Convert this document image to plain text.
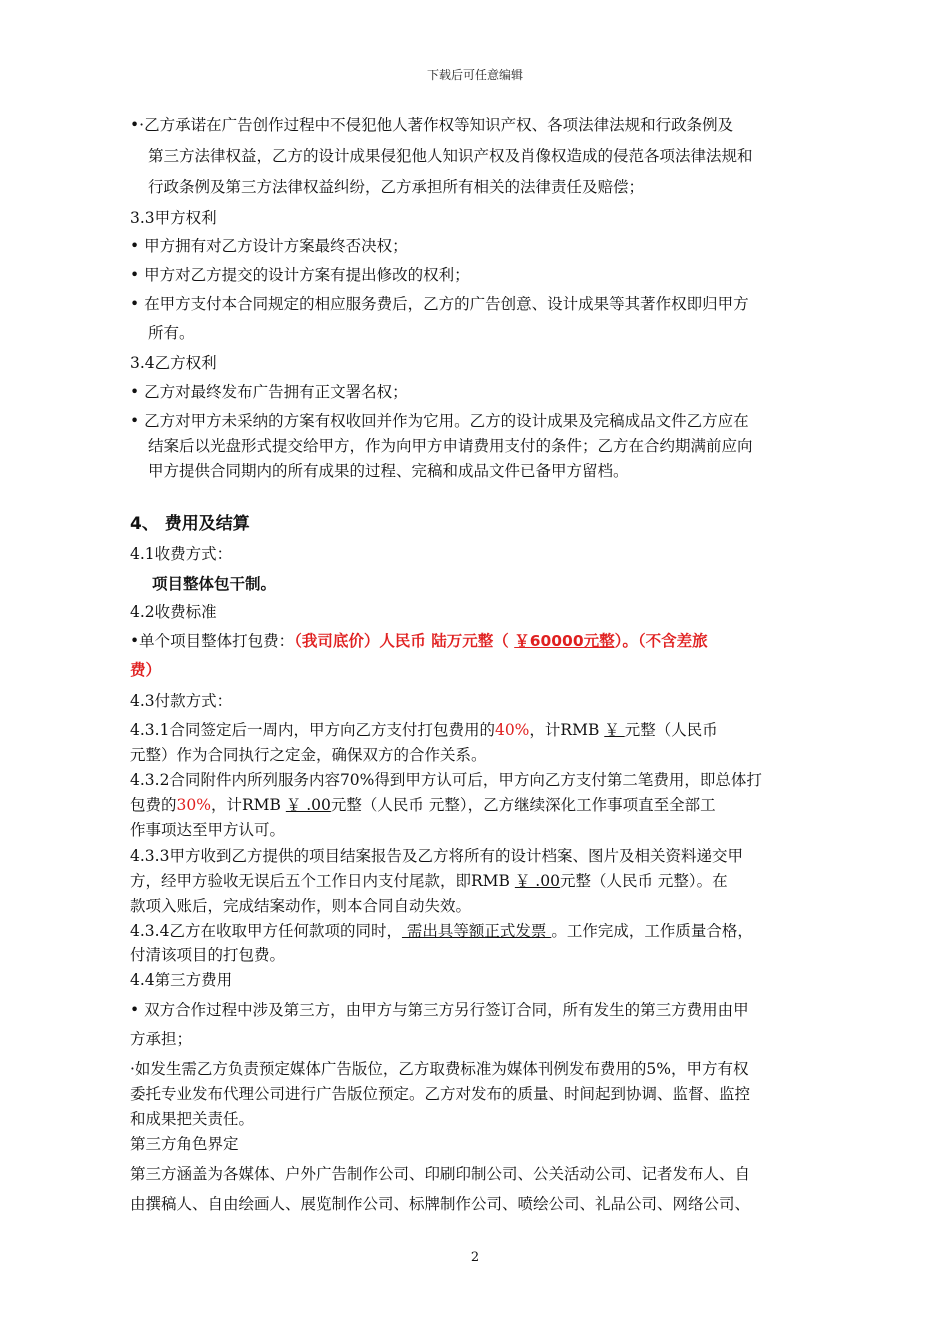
下载后可任意编辑
•·乙方承诺在广告创作过程中不侵犯他人著作权等知识产权、各项法律法规和行政条例及
第三方法律权益，乙方的设计成果侵犯他人知识产权及肖像权造成的侵范各项法律法规和
行政条例及第三方法律权益纠纷，乙方承担所有相关的法律责任及赔偿；
3.3甲方权利
• 甲方拥有对乙方设计方案最终否决权；
• 甲方对乙方提交的设计方案有提出修改的权利；
• 在甲方支付本合同规定的相应服务费后，乙方的广告创意、设计成果等其著作权即归甲方
所有。
3.4乙方权利
• 乙方对最终发布广告拥有正文署名权；
• 乙方对甲方未采纳的方案有权收回并作为它用。乙方的设计成果及完稿成品文件乙方应在
结案后以光盘形式提交给甲方，作为向甲方申请费用支付的条件；乙方在合约期满前应向
甲方提供合同期内的所有成果的过程、完稿和成品文件已备甲方留档。
4、 费用及结算
4.1收费方式：
项目整体包干制。
4.2收费标准
•单个项目整体打包费：（我司底价）人民币 陆万元整（ ￥60000元整）。（不含差旅
费）
4.3付款方式：
4.3.1合同签定后一周内，甲方向乙方支付打包费用的40%，计RMB ￥ 元整（人民币
元整）作为合同执行之定金，确保双方的合作关系。
4.3.2合同附件内所列服务内容70%得到甲方认可后，甲方向乙方支付第二笔费用，即总体打
包费的30%，计RMB ￥ .00元整（人民币 元整），乙方继续深化工作事项直至全部工
作事项达至甲方认可。
4.3.3甲方收到乙方提供的项目结案报告及乙方将所有的设计档案、图片及相关资料递交甲
方，经甲方验收无误后五个工作日内支付尾款，即RMB ￥ .00元整（人民币 元整）。在
款项入账后，完成结案动作，则本合同自动失效。
4.3.4乙方在收取甲方任何款项的同时， 需出具等额正式发票 。工作完成，工作质量合格，
付清该项目的打包费。
4.4第三方费用
• 双方合作过程中涉及第三方，由甲方与第三方另行签订合同，所有发生的第三方费用由甲
方承担；
·如发生需乙方负责预定媒体广告版位，乙方取费标准为媒体刊例发布费用的5%，甲方有权
委托专业发布代理公司进行广告版位预定。乙方对发布的质量、时间起到协调、监督、监控
和成果把关责任。
第三方角色界定
第三方涵盖为各媒体、户外广告制作公司、印刷印制公司、公关活动公司、记者发布人、自
由撰稿人、自由绘画人、展览制作公司、标牌制作公司、喷绘公司、礼品公司、网络公司、
2
